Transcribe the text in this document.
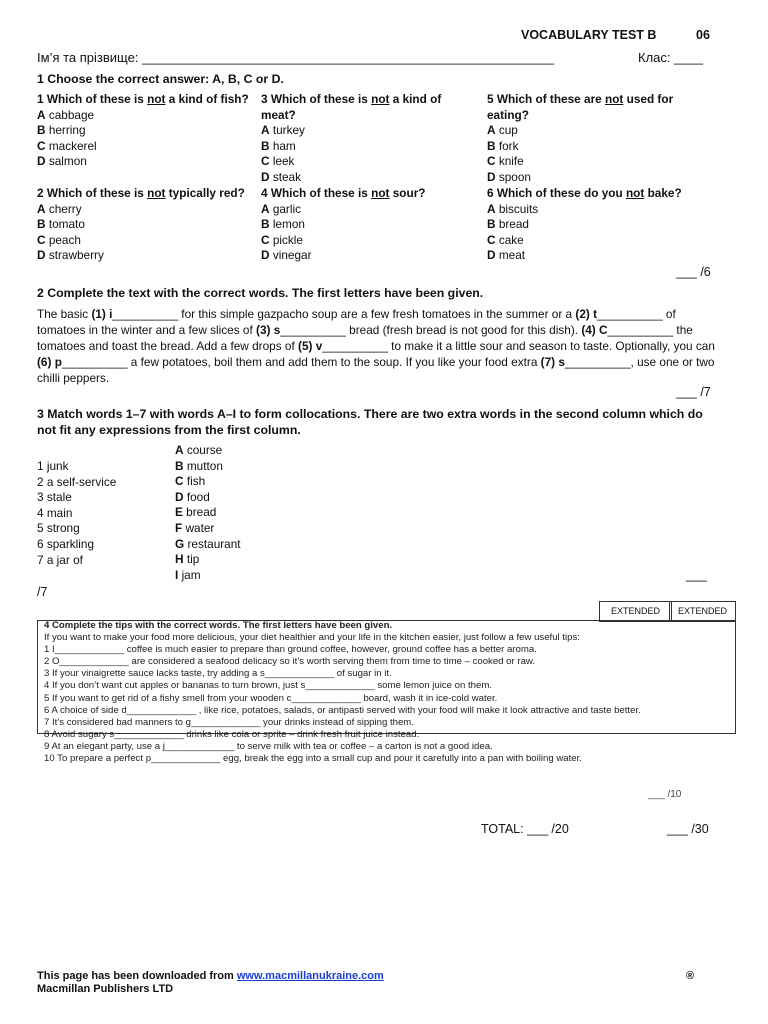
VOCABULARY TEST B	06
Ім’я та прізвище: _________________________________________________________	Клас: ____
1 Choose the correct answer: A, B, C or D.
1 Which of these is not a kind of fish?
A cabbage
B herring
C mackerel
D salmon
2 Which of these is not typically red?
A cherry
B tomato
C peach
D strawberry
3 Which of these is not a kind of meat?
A turkey
B ham
C leek
D steak
4 Which of these is not sour?
A garlic
B lemon
C pickle
D vinegar
5 Which of these are not used for eating?
A cup
B fork
C knife
D spoon
6 Which of these do you not bake?
A biscuits
B bread
C cake
D meat
___ /6
2 Complete the text with the correct words. The first letters have been given.
The basic (1) i__________ for this simple gazpacho soup are a few fresh tomatoes in the summer or a (2) t__________ of tomatoes in the winter and a few slices of (3) s__________ bread (fresh bread is not good for this dish). (4) C__________ the tomatoes and toast the bread. Add a few drops of (5) v__________ to make it a little sour and season to taste. Optionally, you can (6) p__________ a few potatoes, boil them and add them to the soup. If you like your food extra (7) s__________, use one or two chilli peppers.
___ /7
3 Match words 1–7 with words A–I to form collocations. There are two extra words in the second column which do not fit any expressions from the first column.
1 junk
2 a self-service
3 stale
4 main
5 strong
6 sparkling
7 a jar of
A course
B mutton
C fish
D food
E bread
F water
G restaurant
H tip
I jam	___
/7
EXTENDED	EXTENDED
4 Complete the tips with the correct words. The first letters have been given.
If you want to make your food more delicious, your diet healthier and your life in the kitchen easier, just follow a few useful tips:
1 I_____________ coffee is much easier to prepare than ground coffee, however, ground coffee has a better aroma.
2 O_____________ are considered a seafood delicacy so it’s worth serving them from time to time – cooked or raw.
3 If your vinaigrette sauce lacks taste, try adding a s_____________ of sugar in it.
4 If you don’t want cut apples or bananas to turn brown, just s_____________ some lemon juice on them.
5 If you want to get rid of a fishy smell from your wooden c_____________ board, wash it in ice-cold water.
6 A choice of side d_____________ , like rice, potatoes, salads, or antipasti served with your food will make it look attractive and taste better.
7 It’s considered bad manners to g_____________ your drinks instead of sipping them.
8 Avoid sugary s_____________ drinks like cola or sprite – drink fresh fruit juice instead.
9 At an elegant party, use a j_____________ to serve milk with tea or coffee – a carton is not a good idea.
10 To prepare a perfect p_____________ egg, break the egg into a small cup and pour it carefully into a pan with boiling water.
___ /10
TOTAL: ___ /20	___ /30
This page has been downloaded from www.macmillanukraine.com
Macmillan Publishers LTD
®
